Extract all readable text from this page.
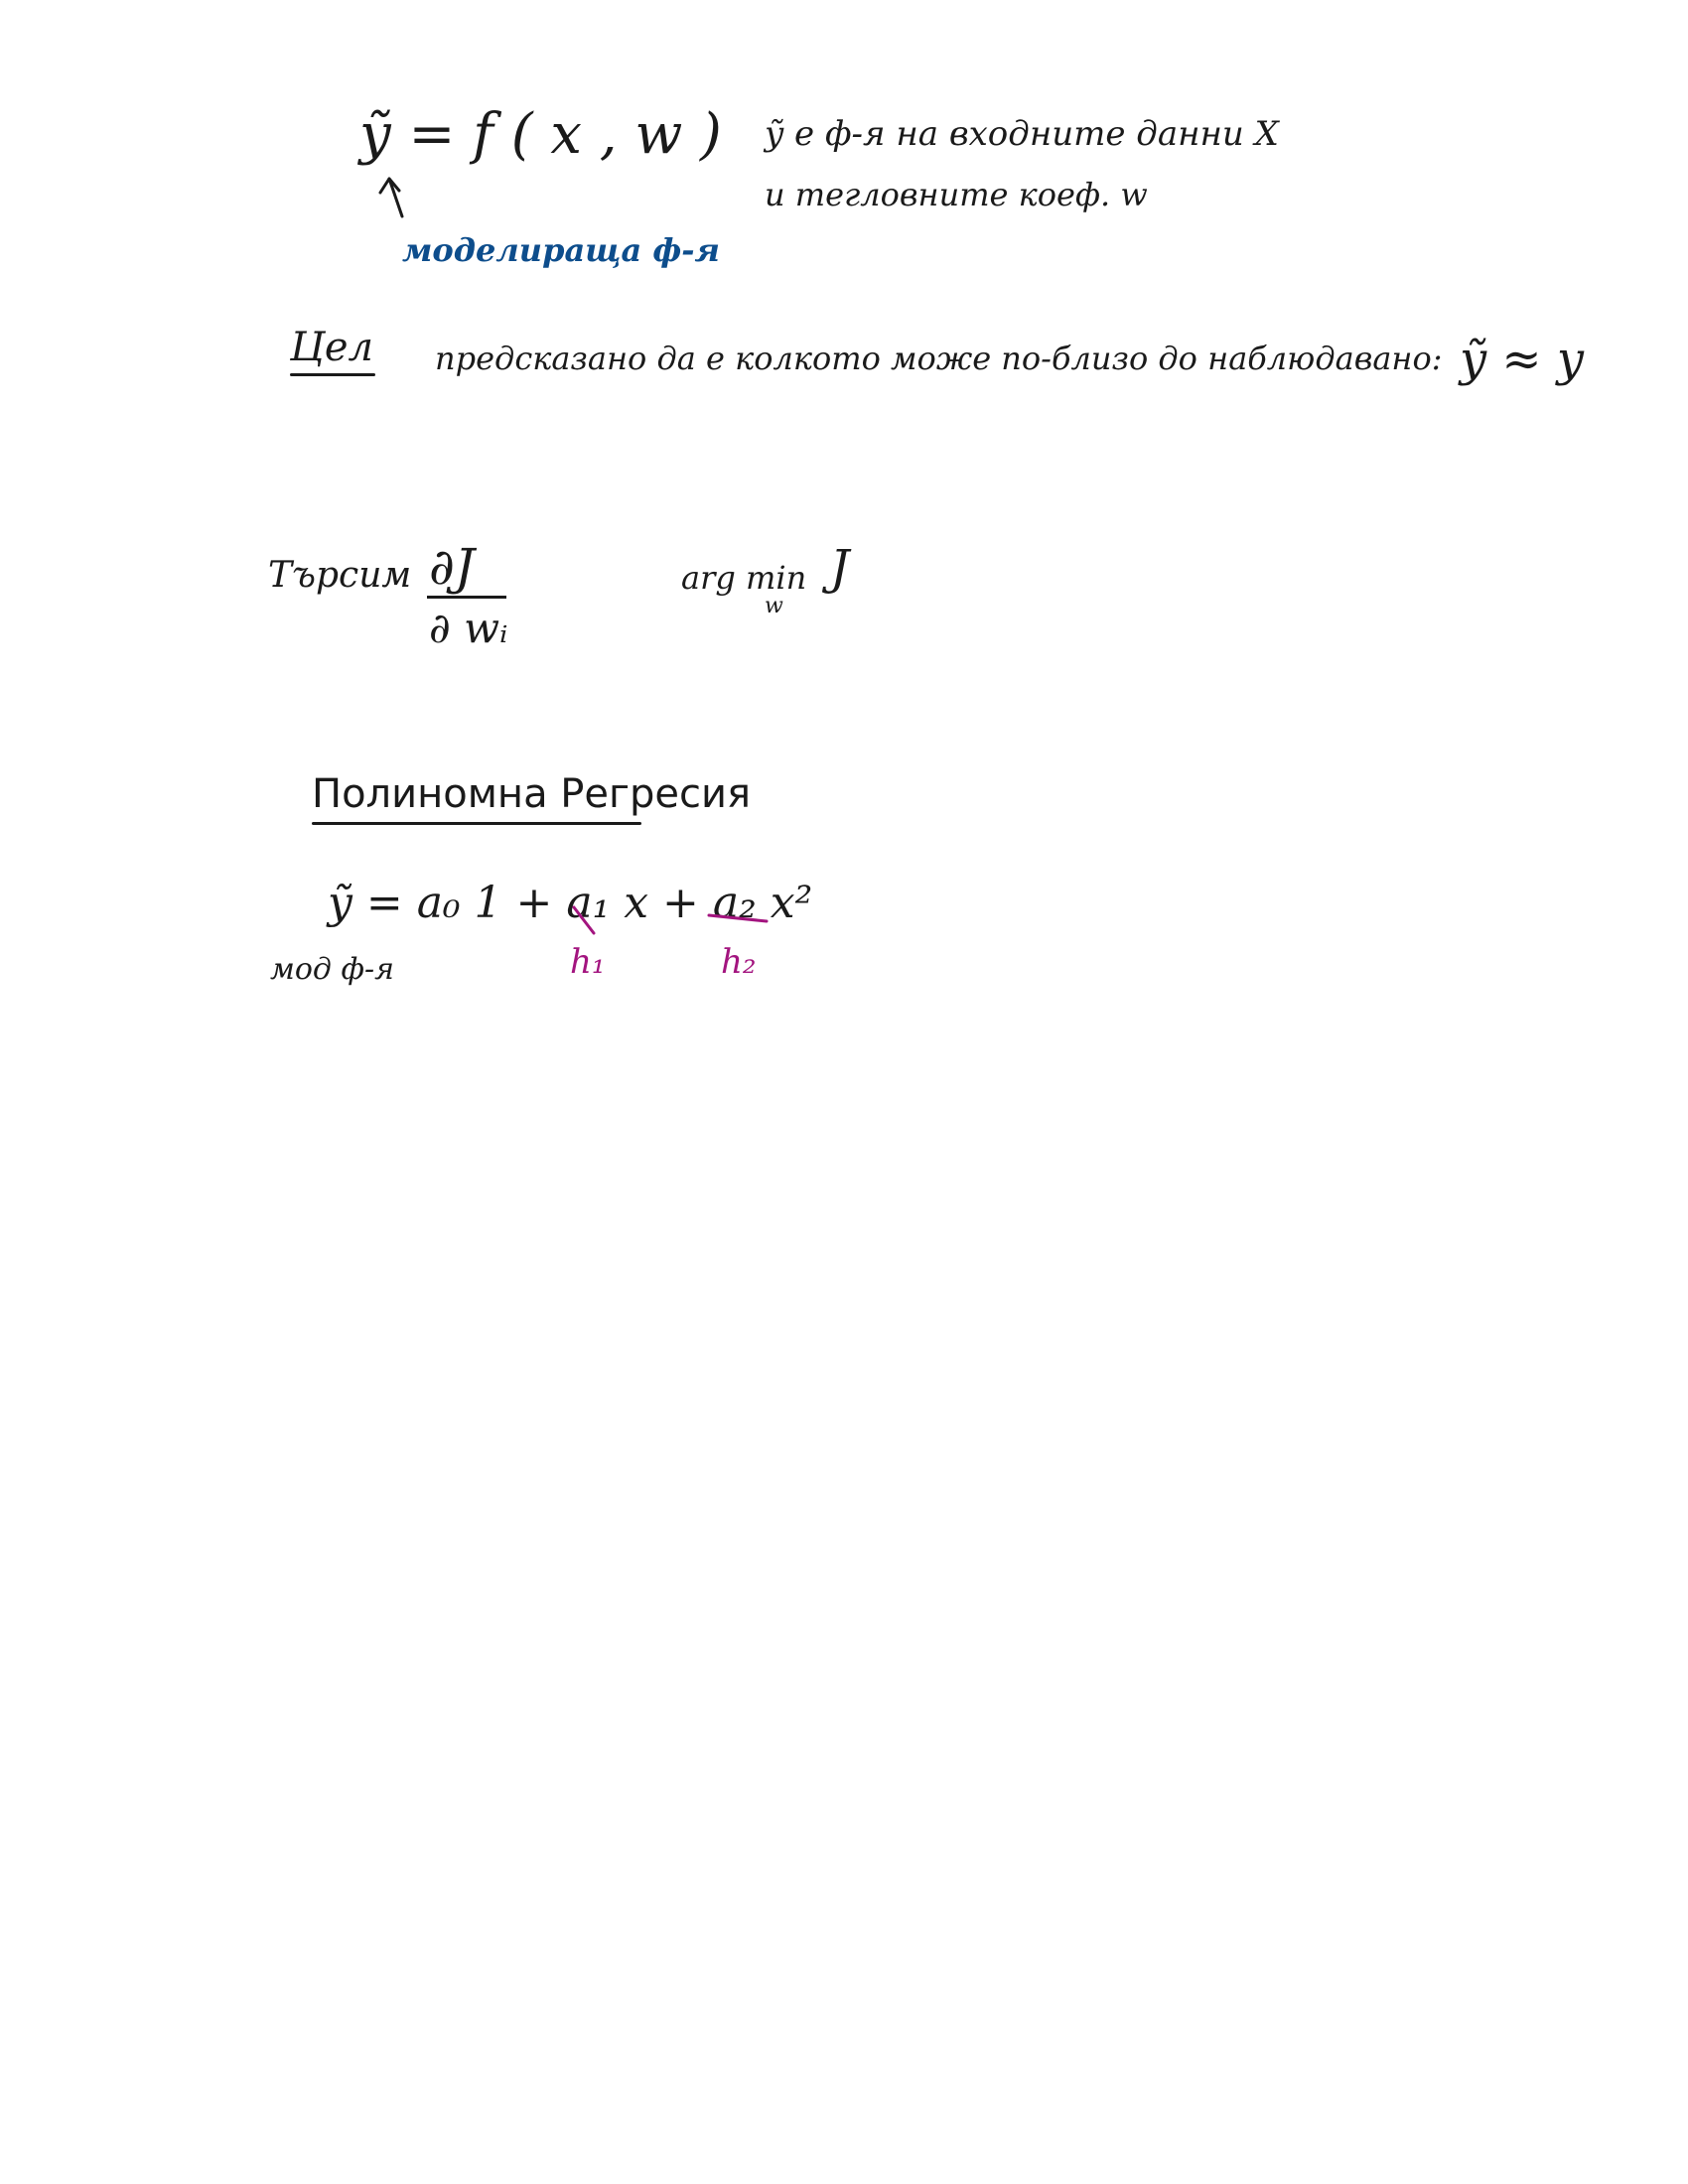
ỹ = f ( x , w )
моделираща ф-я
ỹ е ф-я на входните данни X
и тегловните коеф. w
Цел предсказано да е колкото може по-близо до наблюдавано: ỹ ≈ y
Търсим ∂J
∂ wᵢ
arg min
w
J
Полиномна Регресия
ỹ = a₀ 1 + a₁ x + a₂ x²
мод ф-я	h₁	h₂
